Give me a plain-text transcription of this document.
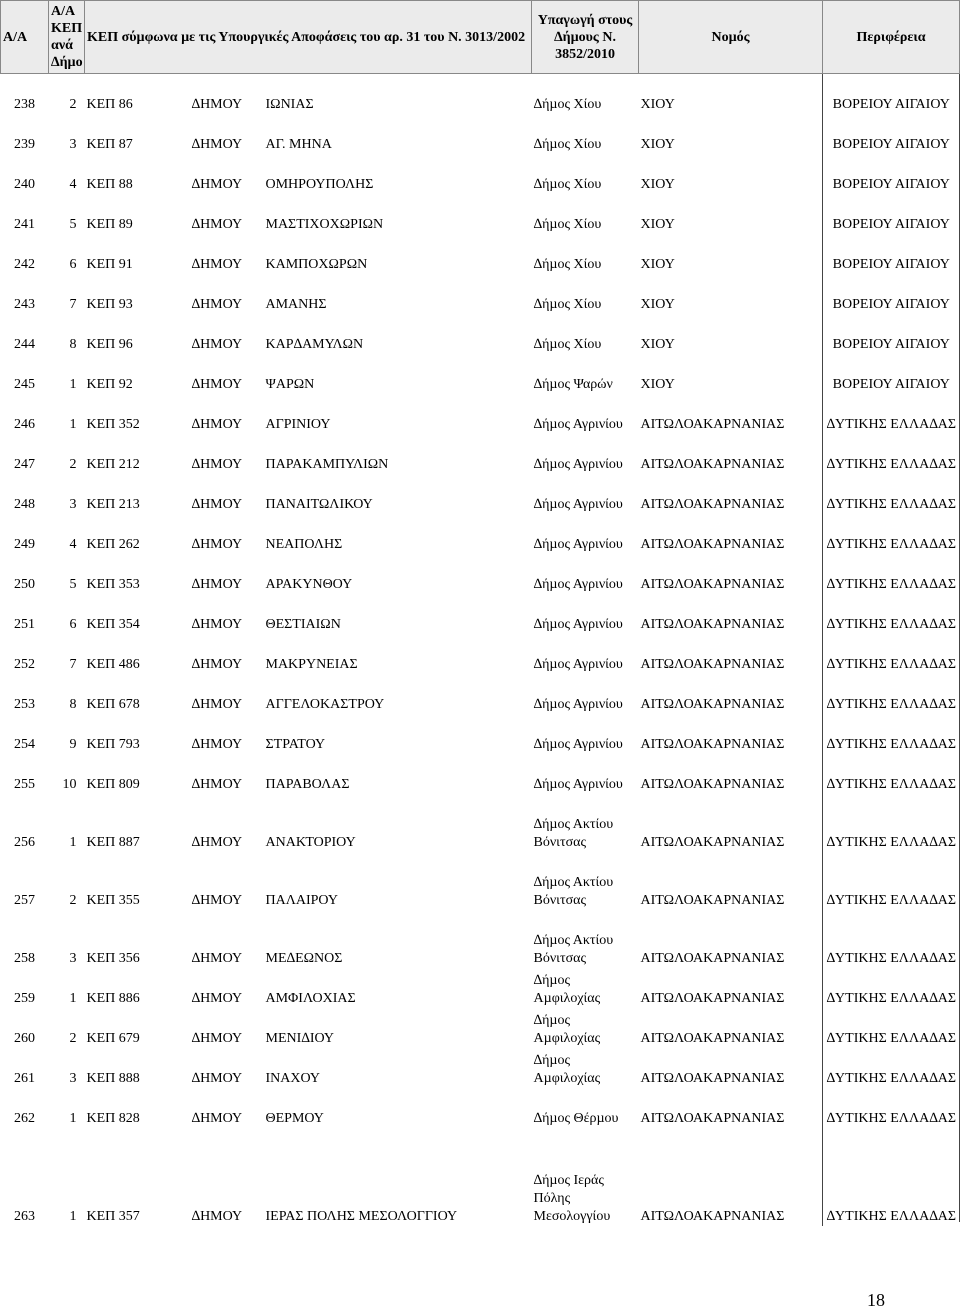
Α/Α	Α/Α ΚΕΠ ανά ∆ήµο	ΚΕΠ σύµφωνα µε τις Υπουργικές Αποφάσεις του αρ. 31 του Ν. 3013/2002			Υπαγωγή στους ∆ήµους Ν. 3852/2010	Νοµός	Περιφέρεια
238	2	ΚΕΠ 86	∆ΗΜΟΥ	ΙΩΝΙΑΣ	∆ήµος Χίου	ΧΙΟΥ	ΒΟΡΕΙΟΥ ΑΙΓΑΙΟΥ
239	3	ΚΕΠ 87	∆ΗΜΟΥ	ΑΓ. ΜΗΝΑ	∆ήµος Χίου	ΧΙΟΥ	ΒΟΡΕΙΟΥ ΑΙΓΑΙΟΥ
240	4	ΚΕΠ 88	∆ΗΜΟΥ	ΟΜΗΡΟΥΠΟΛΗΣ	∆ήµος Χίου	ΧΙΟΥ	ΒΟΡΕΙΟΥ ΑΙΓΑΙΟΥ
241	5	ΚΕΠ 89	∆ΗΜΟΥ	ΜΑΣΤΙΧΟΧΩΡΙΩΝ	∆ήµος Χίου	ΧΙΟΥ	ΒΟΡΕΙΟΥ ΑΙΓΑΙΟΥ
242	6	ΚΕΠ 91	∆ΗΜΟΥ	ΚΑΜΠΟΧΩΡΩΝ	∆ήµος Χίου	ΧΙΟΥ	ΒΟΡΕΙΟΥ ΑΙΓΑΙΟΥ
243	7	ΚΕΠ 93	∆ΗΜΟΥ	ΑΜΑΝΗΣ	∆ήµος Χίου	ΧΙΟΥ	ΒΟΡΕΙΟΥ ΑΙΓΑΙΟΥ
244	8	ΚΕΠ 96	∆ΗΜΟΥ	ΚΑΡ∆ΑΜΥΛΩΝ	∆ήµος Χίου	ΧΙΟΥ	ΒΟΡΕΙΟΥ ΑΙΓΑΙΟΥ
245	1	ΚΕΠ 92	∆ΗΜΟΥ	ΨΑΡΩΝ	∆ήµος Ψαρών	ΧΙΟΥ	ΒΟΡΕΙΟΥ ΑΙΓΑΙΟΥ
246	1	ΚΕΠ 352	∆ΗΜΟΥ	ΑΓΡΙΝΙΟΥ	∆ήµος Αγρινίου	ΑΙΤΩΛΟΑΚΑΡΝΑΝΙΑΣ	∆ΥΤΙΚΗΣ ΕΛΛΑ∆ΑΣ
247	2	ΚΕΠ 212	∆ΗΜΟΥ	ΠΑΡΑΚΑΜΠΥΛΙΩΝ	∆ήµος Αγρινίου	ΑΙΤΩΛΟΑΚΑΡΝΑΝΙΑΣ	∆ΥΤΙΚΗΣ ΕΛΛΑ∆ΑΣ
248	3	ΚΕΠ 213	∆ΗΜΟΥ	ΠΑΝΑΙΤΩΛΙΚΟΥ	∆ήµος Αγρινίου	ΑΙΤΩΛΟΑΚΑΡΝΑΝΙΑΣ	∆ΥΤΙΚΗΣ ΕΛΛΑ∆ΑΣ
249	4	ΚΕΠ 262	∆ΗΜΟΥ	ΝΕΑΠΟΛΗΣ	∆ήµος Αγρινίου	ΑΙΤΩΛΟΑΚΑΡΝΑΝΙΑΣ	∆ΥΤΙΚΗΣ ΕΛΛΑ∆ΑΣ
250	5	ΚΕΠ 353	∆ΗΜΟΥ	ΑΡΑΚΥΝΘΟΥ	∆ήµος Αγρινίου	ΑΙΤΩΛΟΑΚΑΡΝΑΝΙΑΣ	∆ΥΤΙΚΗΣ ΕΛΛΑ∆ΑΣ
251	6	ΚΕΠ 354	∆ΗΜΟΥ	ΘΕΣΤΙΑΙΩΝ	∆ήµος Αγρινίου	ΑΙΤΩΛΟΑΚΑΡΝΑΝΙΑΣ	∆ΥΤΙΚΗΣ ΕΛΛΑ∆ΑΣ
252	7	ΚΕΠ 486	∆ΗΜΟΥ	ΜΑΚΡΥΝΕΙΑΣ	∆ήµος Αγρινίου	ΑΙΤΩΛΟΑΚΑΡΝΑΝΙΑΣ	∆ΥΤΙΚΗΣ ΕΛΛΑ∆ΑΣ
253	8	ΚΕΠ 678	∆ΗΜΟΥ	ΑΓΓΕΛΟΚΑΣΤΡΟΥ	∆ήµος Αγρινίου	ΑΙΤΩΛΟΑΚΑΡΝΑΝΙΑΣ	∆ΥΤΙΚΗΣ ΕΛΛΑ∆ΑΣ
254	9	ΚΕΠ 793	∆ΗΜΟΥ	ΣΤΡΑΤΟΥ	∆ήµος Αγρινίου	ΑΙΤΩΛΟΑΚΑΡΝΑΝΙΑΣ	∆ΥΤΙΚΗΣ ΕΛΛΑ∆ΑΣ
255	10	ΚΕΠ 809	∆ΗΜΟΥ	ΠΑΡΑΒΟΛΑΣ	∆ήµος Αγρινίου	ΑΙΤΩΛΟΑΚΑΡΝΑΝΙΑΣ	∆ΥΤΙΚΗΣ ΕΛΛΑ∆ΑΣ
256	1	ΚΕΠ 887	∆ΗΜΟΥ	ΑΝΑΚΤΟΡΙΟΥ	∆ήµος Ακτίου Βόνιτσας	ΑΙΤΩΛΟΑΚΑΡΝΑΝΙΑΣ	∆ΥΤΙΚΗΣ ΕΛΛΑ∆ΑΣ
257	2	ΚΕΠ 355	∆ΗΜΟΥ	ΠΑΛΑΙΡΟΥ	∆ήµος Ακτίου Βόνιτσας	ΑΙΤΩΛΟΑΚΑΡΝΑΝΙΑΣ	∆ΥΤΙΚΗΣ ΕΛΛΑ∆ΑΣ
258	3	ΚΕΠ 356	∆ΗΜΟΥ	ΜΕ∆ΕΩΝΟΣ	∆ήµος Ακτίου Βόνιτσας	ΑΙΤΩΛΟΑΚΑΡΝΑΝΙΑΣ	∆ΥΤΙΚΗΣ ΕΛΛΑ∆ΑΣ
259	1	ΚΕΠ 886	∆ΗΜΟΥ	ΑΜΦΙΛΟΧΙΑΣ	∆ήµος Αµφιλοχίας	ΑΙΤΩΛΟΑΚΑΡΝΑΝΙΑΣ	∆ΥΤΙΚΗΣ ΕΛΛΑ∆ΑΣ
260	2	ΚΕΠ 679	∆ΗΜΟΥ	ΜΕΝΙ∆ΙΟΥ	∆ήµος Αµφιλοχίας	ΑΙΤΩΛΟΑΚΑΡΝΑΝΙΑΣ	∆ΥΤΙΚΗΣ ΕΛΛΑ∆ΑΣ
261	3	ΚΕΠ 888	∆ΗΜΟΥ	ΙΝΑΧΟΥ	∆ήµος Αµφιλοχίας	ΑΙΤΩΛΟΑΚΑΡΝΑΝΙΑΣ	∆ΥΤΙΚΗΣ ΕΛΛΑ∆ΑΣ
262	1	ΚΕΠ 828	∆ΗΜΟΥ	ΘΕΡΜΟΥ	∆ήµος Θέρµου	ΑΙΤΩΛΟΑΚΑΡΝΑΝΙΑΣ	∆ΥΤΙΚΗΣ ΕΛΛΑ∆ΑΣ
263	1	ΚΕΠ 357	∆ΗΜΟΥ	ΙΕΡΑΣ ΠΟΛΗΣ ΜΕΣΟΛΟΓΓΙΟΥ	∆ήµος Ιεράς Πόλης Μεσολογγίου	ΑΙΤΩΛΟΑΚΑΡΝΑΝΙΑΣ	∆ΥΤΙΚΗΣ ΕΛΛΑ∆ΑΣ
18
